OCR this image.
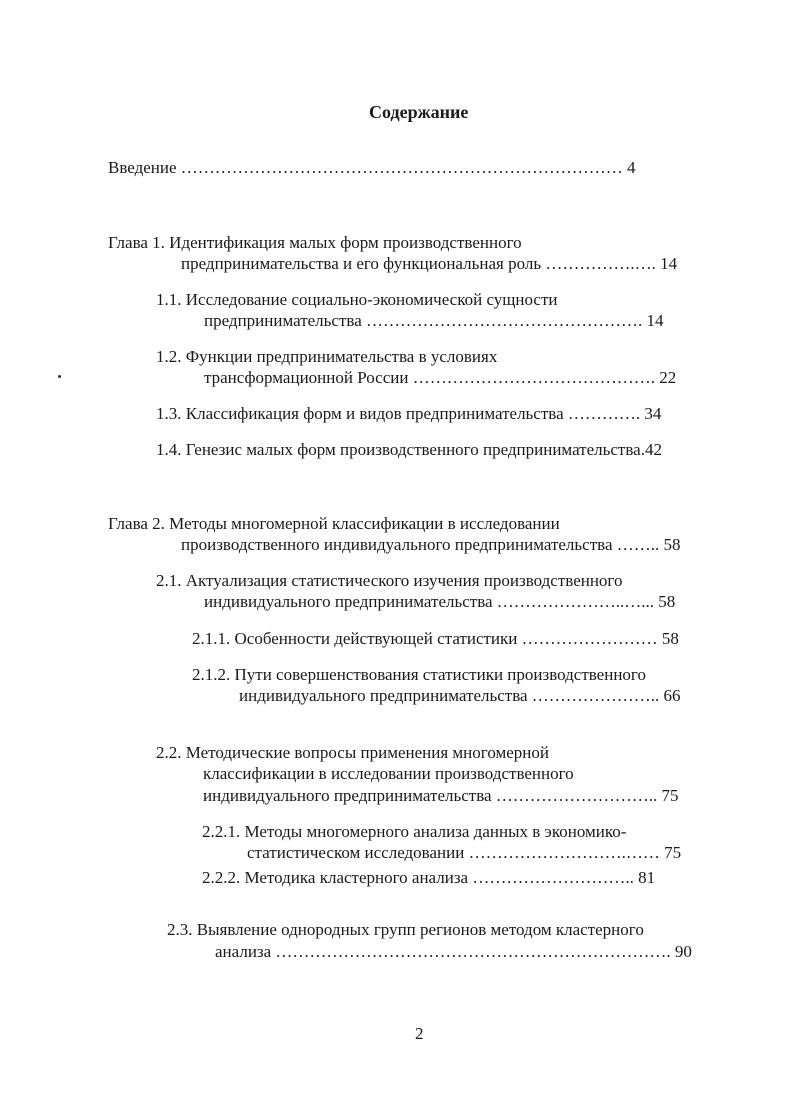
Содержание
Введение …………………………………………………………………… 4
Глава 1. Идентификация малых форм производственного
предпринимательства и его функциональная роль …………….…. 14
1.1. Исследование социально-экономической сущности
предпринимательства …………………………………………. 14
1.2. Функции предпринимательства в условиях
трансформационной России ……………………………………. 22
1.3. Классификация форм и видов предпринимательства …………. 34
1.4. Генезис малых форм производственного предпринимательства.42
Глава 2. Методы многомерной классификации в исследовании
производственного индивидуального предпринимательства …….. 58
2.1. Актуализация статистического изучения производственного
индивидуального предпринимательства …………………..…... 58
2.1.1. Особенности действующей статистики …………………… 58
2.1.2. Пути совершенствования статистики производственного
индивидуального предпринимательства ………………….. 66
2.2. Методические вопросы применения многомерной
классификации в исследовании производственного
индивидуального предпринимательства ……………………….. 75
2.2.1. Методы многомерного анализа данных в экономико-
статистическом исследовании ……………………….…… 75
2.2.2. Методика кластерного анализа ……………………….. 81
2.3. Выявление однородных групп регионов методом кластерного
анализа ……………………………………………………………. 90
2
